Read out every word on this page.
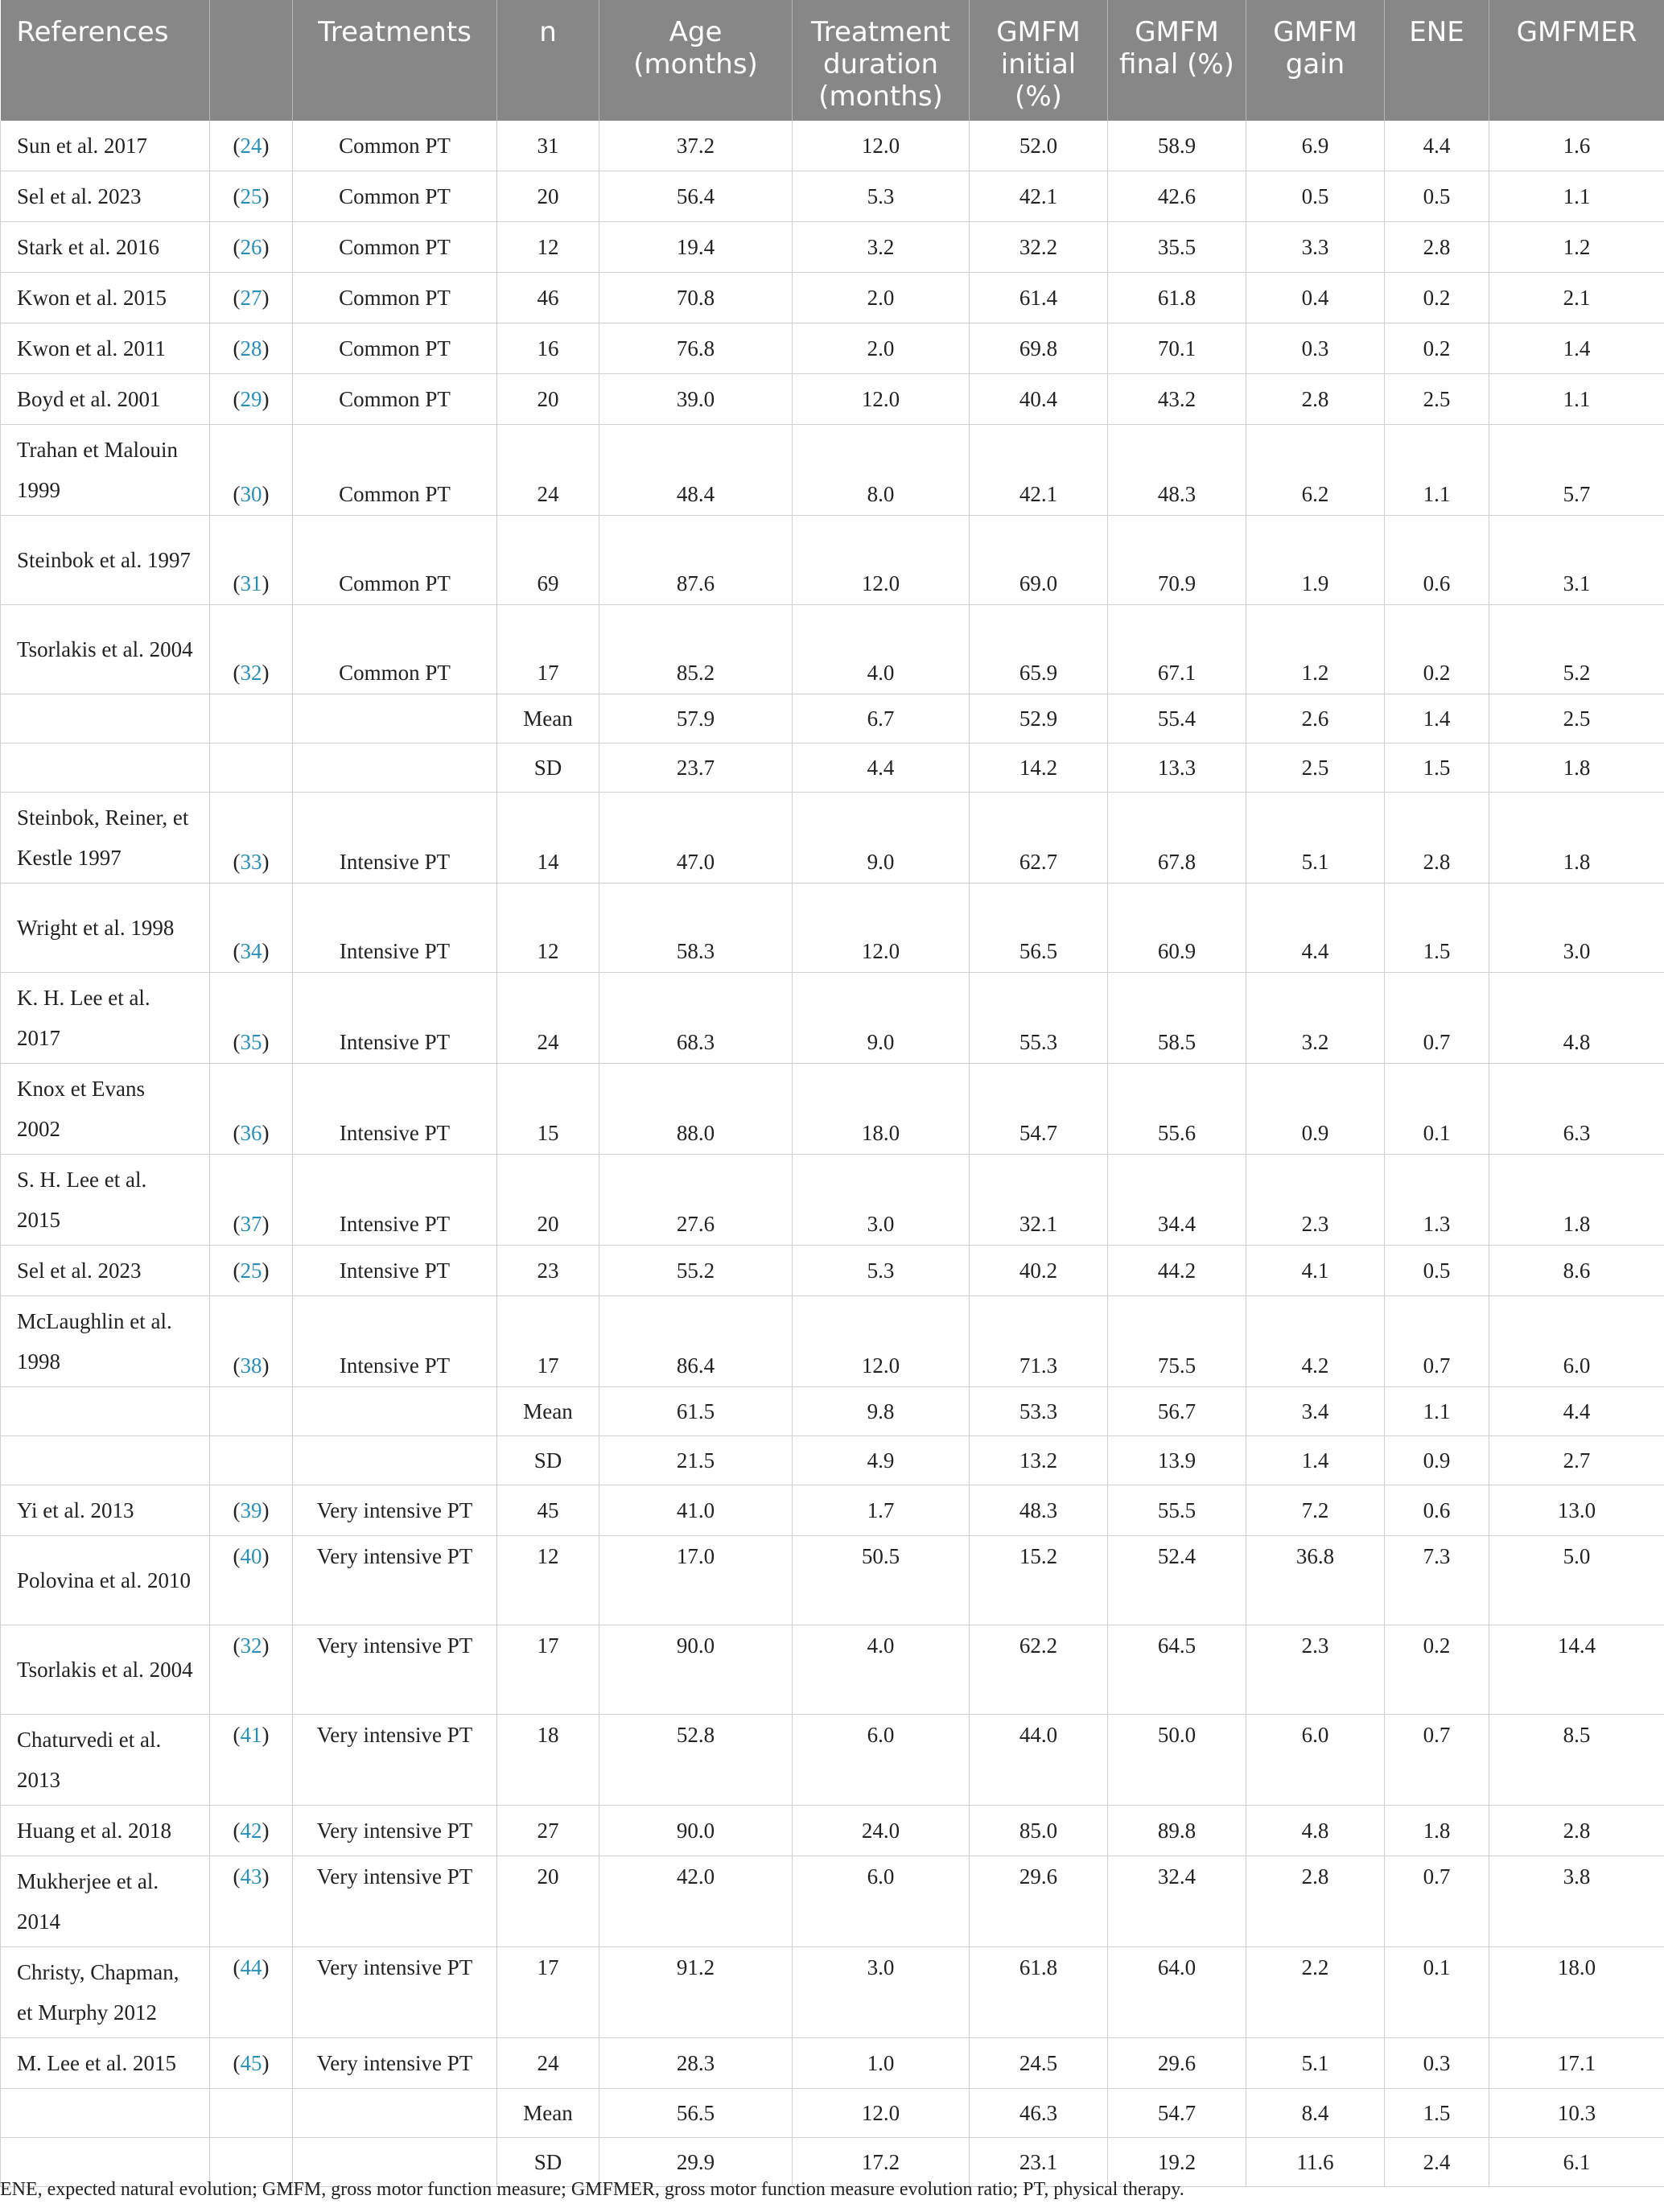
References		Treatments	n	Age (months)	Treatment duration (months)	GMFM initial (%)	GMFM final (%)	GMFM gain	ENE	GMFMER
Sun et al. 2017	(24)	Common PT	31	37.2	12.0	52.0	58.9	6.9	4.4	1.6
Sel et al. 2023	(25)	Common PT	20	56.4	5.3	42.1	42.6	0.5	0.5	1.1
Stark et al. 2016	(26)	Common PT	12	19.4	3.2	32.2	35.5	3.3	2.8	1.2
Kwon et al. 2015	(27)	Common PT	46	70.8	2.0	61.4	61.8	0.4	0.2	2.1
Kwon et al. 2011	(28)	Common PT	16	76.8	2.0	69.8	70.1	0.3	0.2	1.4
Boyd et al. 2001	(29)	Common PT	20	39.0	12.0	40.4	43.2	2.8	2.5	1.1
Trahan et Malouin 1999	(30)	Common PT	24	48.4	8.0	42.1	48.3	6.2	1.1	5.7
Steinbok et al. 1997	(31)	Common PT	69	87.6	12.0	69.0	70.9	1.9	0.6	3.1
Tsorlakis et al. 2004	(32)	Common PT	17	85.2	4.0	65.9	67.1	1.2	0.2	5.2
			Mean	57.9	6.7	52.9	55.4	2.6	1.4	2.5
			SD	23.7	4.4	14.2	13.3	2.5	1.5	1.8
Steinbok, Reiner, et Kestle 1997	(33)	Intensive PT	14	47.0	9.0	62.7	67.8	5.1	2.8	1.8
Wright et al. 1998	(34)	Intensive PT	12	58.3	12.0	56.5	60.9	4.4	1.5	3.0
K. H. Lee et al. 2017	(35)	Intensive PT	24	68.3	9.0	55.3	58.5	3.2	0.7	4.8
Knox et Evans 2002	(36)	Intensive PT	15	88.0	18.0	54.7	55.6	0.9	0.1	6.3
S. H. Lee et al. 2015	(37)	Intensive PT	20	27.6	3.0	32.1	34.4	2.3	1.3	1.8
Sel et al. 2023	(25)	Intensive PT	23	55.2	5.3	40.2	44.2	4.1	0.5	8.6
McLaughlin et al. 1998	(38)	Intensive PT	17	86.4	12.0	71.3	75.5	4.2	0.7	6.0
			Mean	61.5	9.8	53.3	56.7	3.4	1.1	4.4
			SD	21.5	4.9	13.2	13.9	1.4	0.9	2.7
Yi et al. 2013	(39)	Very intensive PT	45	41.0	1.7	48.3	55.5	7.2	0.6	13.0
Polovina et al. 2010	(40)	Very intensive PT	12	17.0	50.5	15.2	52.4	36.8	7.3	5.0
Tsorlakis et al. 2004	(32)	Very intensive PT	17	90.0	4.0	62.2	64.5	2.3	0.2	14.4
Chaturvedi et al. 2013	(41)	Very intensive PT	18	52.8	6.0	44.0	50.0	6.0	0.7	8.5
Huang et al. 2018	(42)	Very intensive PT	27	90.0	24.0	85.0	89.8	4.8	1.8	2.8
Mukherjee et al. 2014	(43)	Very intensive PT	20	42.0	6.0	29.6	32.4	2.8	0.7	3.8
Christy, Chapman, et Murphy 2012	(44)	Very intensive PT	17	91.2	3.0	61.8	64.0	2.2	0.1	18.0
M. Lee et al. 2015	(45)	Very intensive PT	24	28.3	1.0	24.5	29.6	5.1	0.3	17.1
			Mean	56.5	12.0	46.3	54.7	8.4	1.5	10.3
			SD	29.9	17.2	23.1	19.2	11.6	2.4	6.1
ENE, expected natural evolution; GMFM, gross motor function measure; GMFMER, gross motor function measure evolution ratio; PT, physical therapy.
